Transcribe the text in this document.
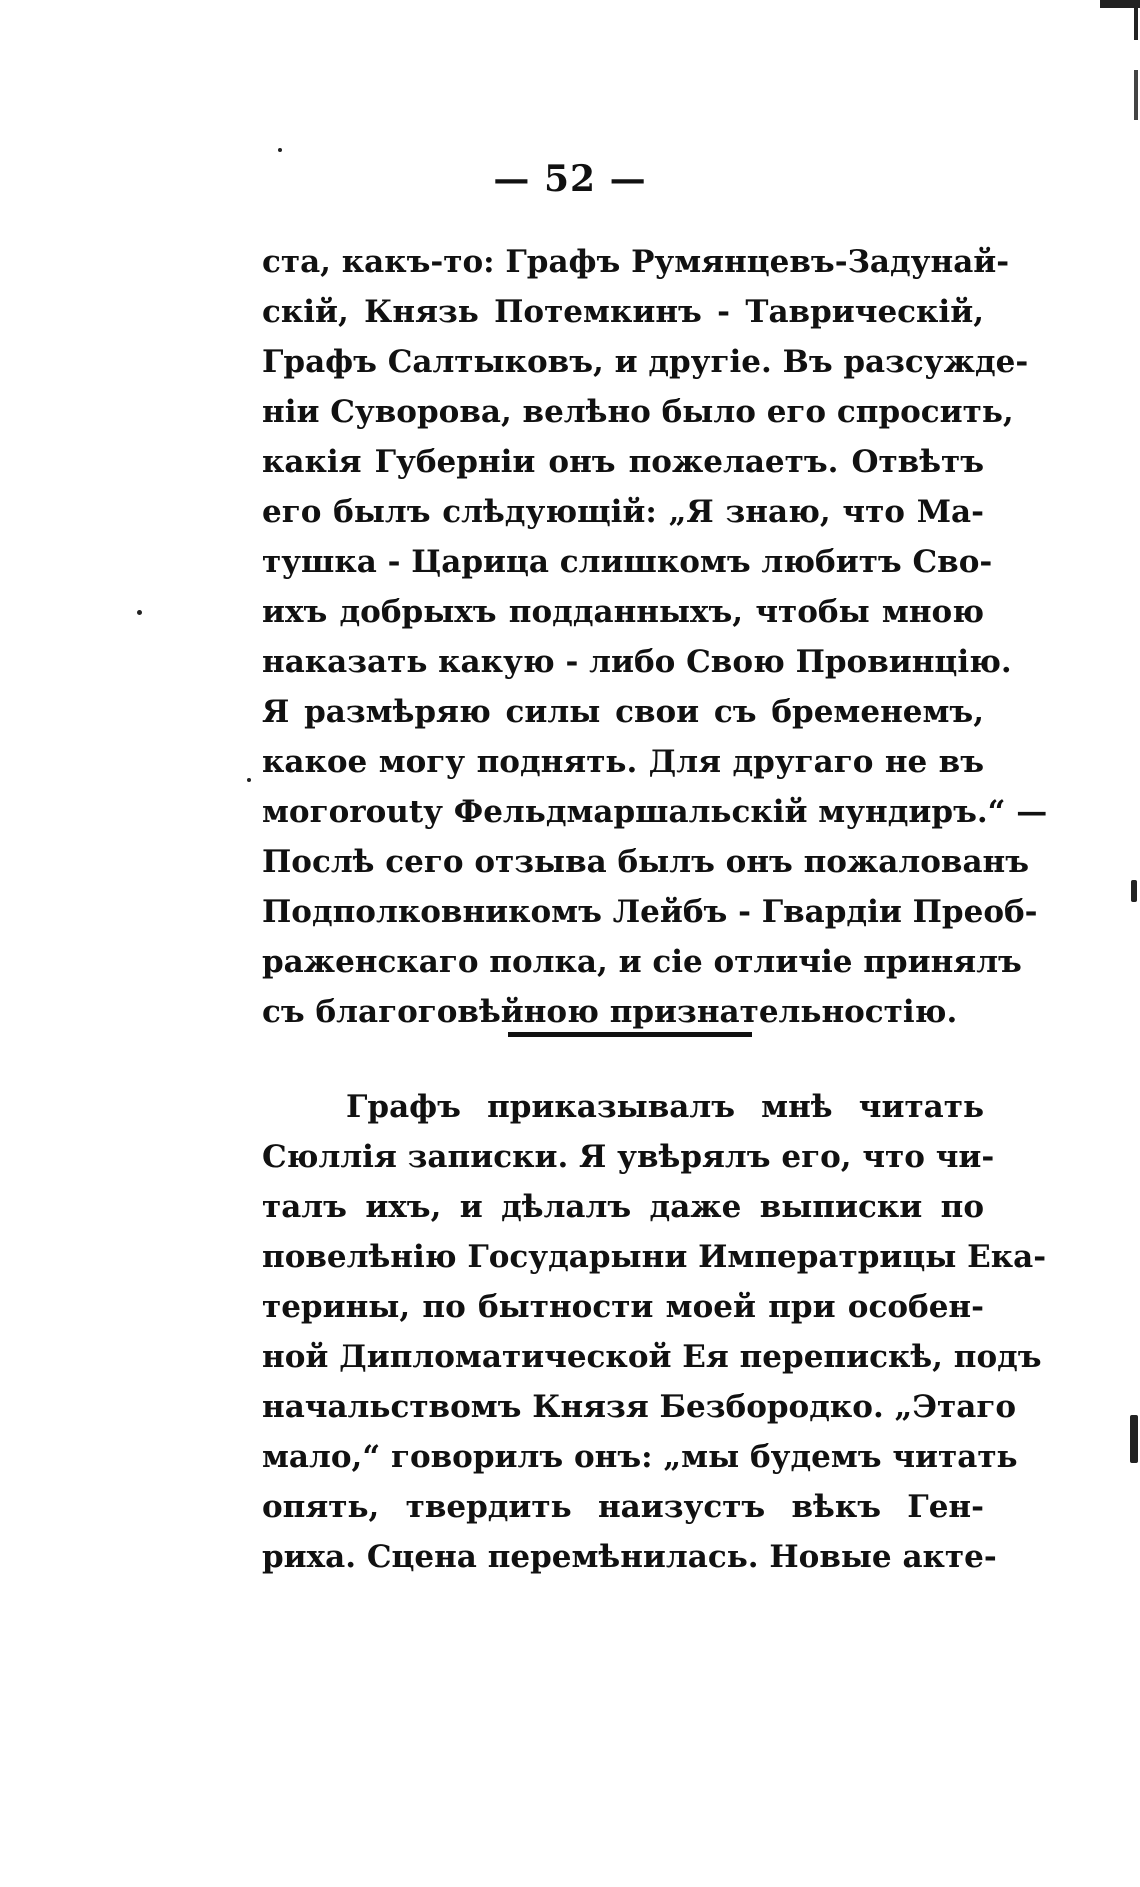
— 52 —
ста, какъ-то: Графъ Румянцевъ-Задунай-
скій, Князь Потемкинъ - Таврическій,
Графъ Салтыковъ, и другіе. Въ разсужде-
ніи Суворова, велѣно было его спросить,
какія Губерніи онъ пожелаетъ. Отвѣтъ
его былъ слѣдующій: „Я знаю, что Ма-
тушка - Царица слишкомъ любитъ Сво-
ихъ добрыхъ подданныхъ, чтобы мною
наказать какую - либо Свою Провинцію.
Я размѣряю силы свои съ бременемъ,
какое могу поднять. Для другаго не въ
могоroutу Фельдмаршальскій мундиръ.“ —
Послѣ сего отзыва былъ онъ пожалованъ
Подполковникомъ Лейбъ - Гвардіи Преоб-
раженскаго полка, и сіе отличіе принялъ
съ благоговѣйною признательностію.
Графъ приказывалъ мнѣ читать
Сюллія записки. Я увѣрялъ его, что чи-
талъ ихъ, и дѣлалъ даже выписки по
повелѣнію Государыни Императрицы Ека-
терины, по бытности моей при особен-
ной Дипломатической Ея перепискѣ, подъ
начальствомъ Князя Безбородко. „Этаго
мало,“ говорилъ онъ: „мы будемъ читать
опять, твердить наизустъ вѣкъ Ген-
риха. Сцена перемѣнилась. Новые акте-
